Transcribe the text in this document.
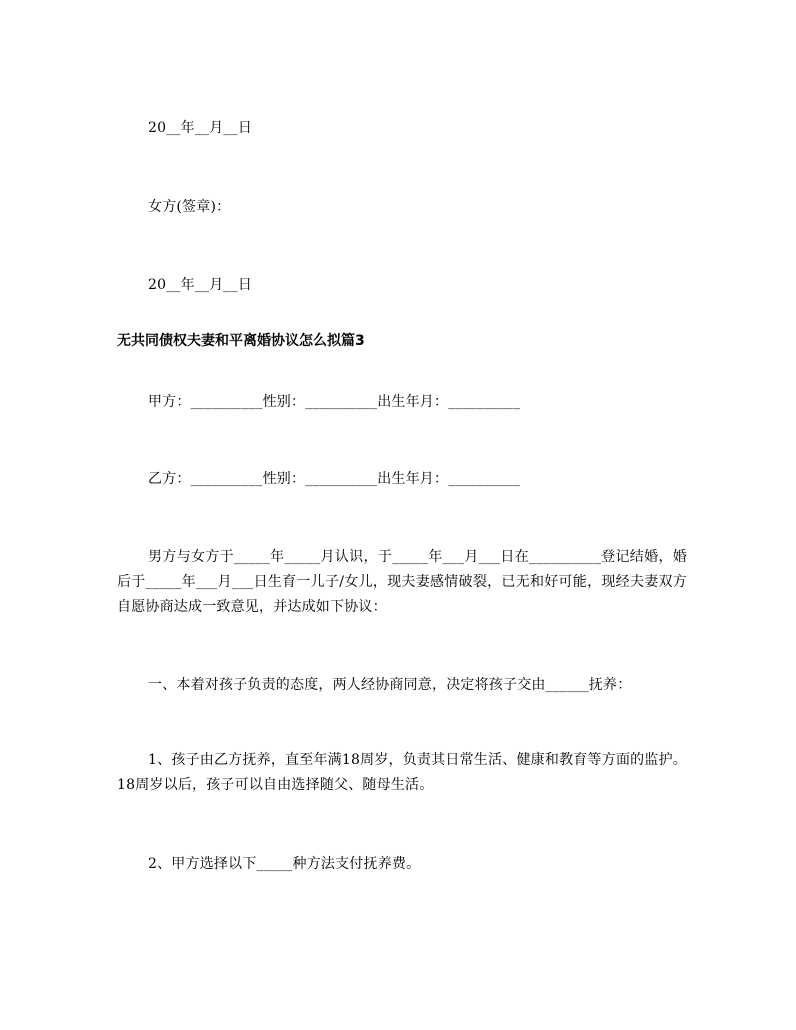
20__年__月__日
女方(签章)：
20__年__月__日
无共同债权夫妻和平离婚协议怎么拟篇3
甲方：__________性别：__________出生年月：__________
乙方：__________性别：__________出生年月：__________
男方与女方于_____年_____月认识，于_____年___月___日在__________登记结婚，婚后于_____年___月___日生育一儿子/女儿，现夫妻感情破裂，已无和好可能，现经夫妻双方自愿协商达成一致意见，并达成如下协议：
一、本着对孩子负责的态度，两人经协商同意，决定将孩子交由______抚养：
1、孩子由乙方抚养，直至年满18周岁，负责其日常生活、健康和教育等方面的监护。18周岁以后，孩子可以自由选择随父、随母生活。
2、甲方选择以下_____种方法支付抚养费。
